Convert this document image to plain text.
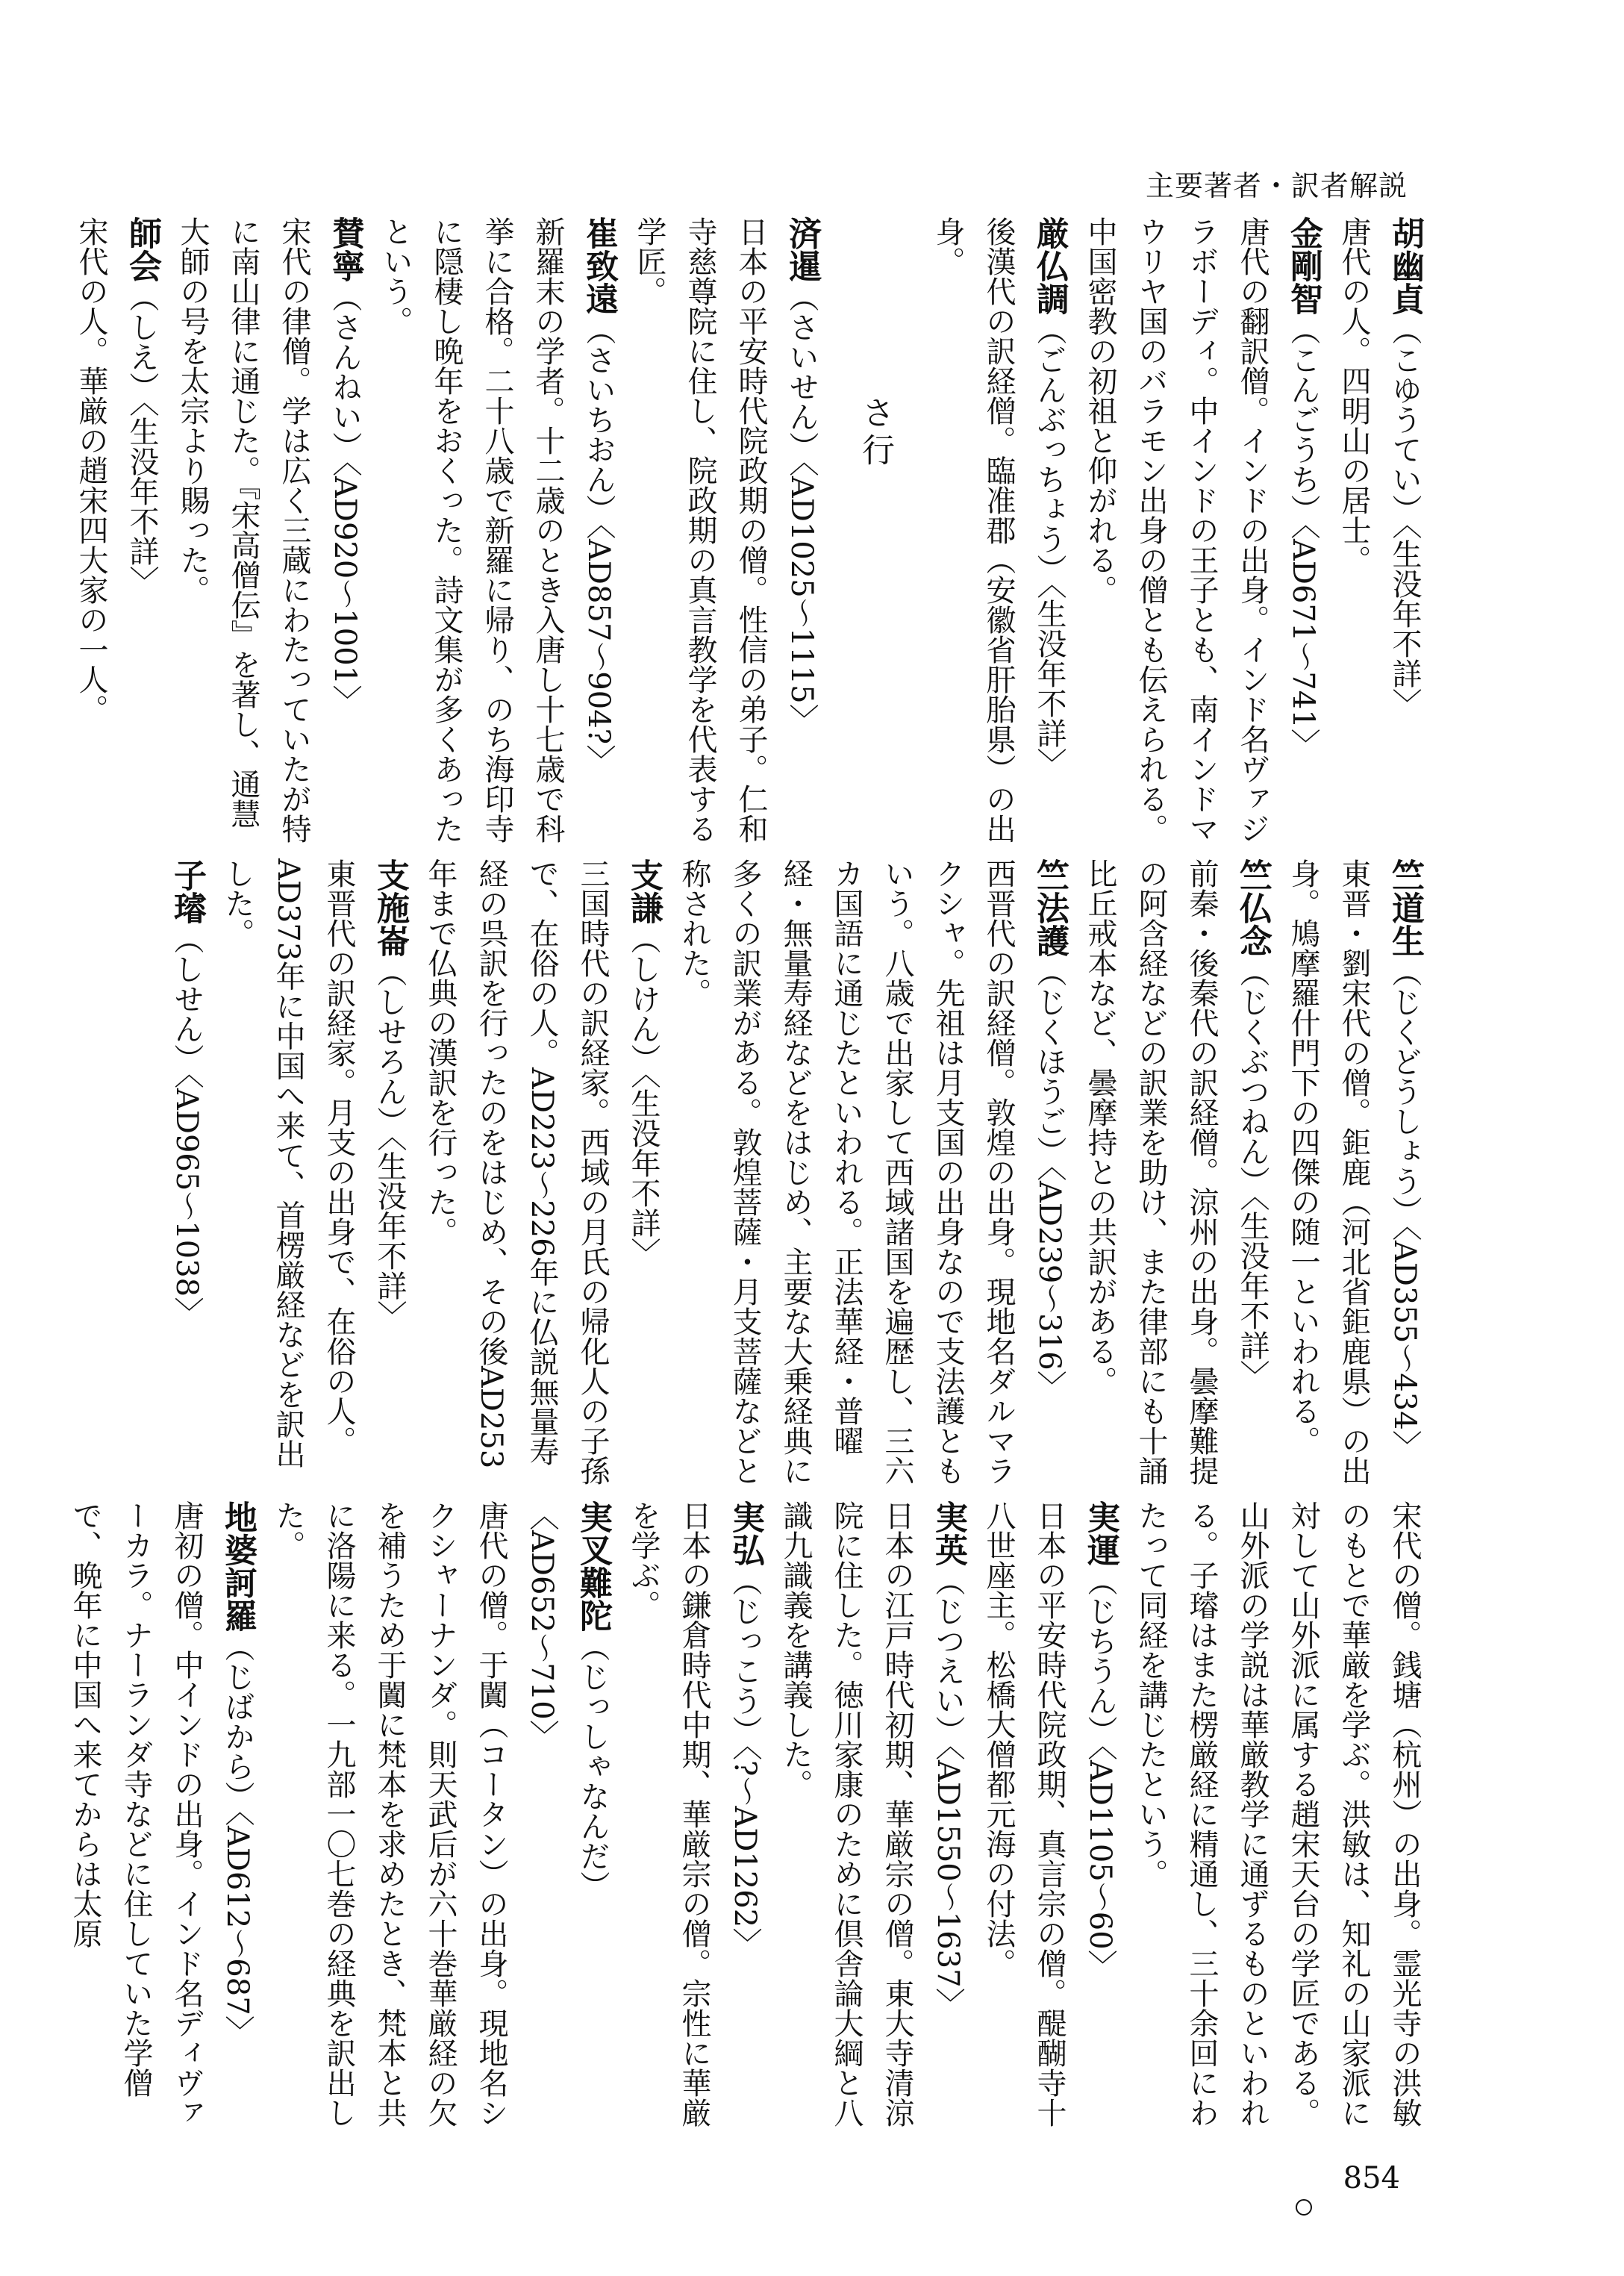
主要著者・訳者解説

胡幽貞（こゆうてい）〈生没年不詳〉

唐代の人。四明山の居士。

金剛智（こんごうち）〈AD671〜741〉

唐代の翻訳僧。インドの出身。インド名ヴァジラボーディ。中インドの王子とも、南インドマウリヤ国のバラモン出身の僧とも伝えられる。中国密教の初祖と仰がれる。

厳仏調（ごんぶっちょう）〈生没年不詳〉

後漢代の訳経僧。臨准郡（安徽省肝胎県）の出身。

さ行

済暹（さいせん）〈AD1025〜1115〉

日本の平安時代院政期の僧。性信の弟子。仁和寺慈尊院に住し、院政期の真言教学を代表する学匠。

崔致遠（さいちおん）〈AD857〜904?〉

新羅末の学者。十二歳のとき入唐し十七歳で科挙に合格。二十八歳で新羅に帰り、のち海印寺に隠棲し晩年をおくった。詩文集が多くあったという。

賛寧（さんねい）〈AD920〜1001〉

宋代の律僧。学は広く三蔵にわたっていたが特に南山律に通じた。『宋高僧伝』を著し、通慧大師の号を太宗より賜った。

師会（しえ）〈生没年不詳〉

宋代の人。華厳の趙宋四大家の一人。

竺道生（じくどうしょう）〈AD355〜434〉

東晋・劉宋代の僧。鉅鹿（河北省鉅鹿県）の出身。鳩摩羅什門下の四傑の随一といわれる。

竺仏念（じくぶつねん）〈生没年不詳〉

前秦・後秦代の訳経僧。涼州の出身。曇摩難提の阿含経などの訳業を助け、また律部にも十誦比丘戒本など、曇摩持との共訳がある。

竺法護（じくほうご）〈AD239〜316〉

西晋代の訳経僧。敦煌の出身。現地名ダルマラクシャ。先祖は月支国の出身なので支法護ともいう。八歳で出家して西域諸国を遍歴し、三六カ国語に通じたといわれる。正法華経・普曜経・無量寿経などをはじめ、主要な大乗経典に多くの訳業がある。敦煌菩薩・月支菩薩などと称された。

支謙（しけん）〈生没年不詳〉

三国時代の訳経家。西域の月氏の帰化人の子孫で、在俗の人。AD223〜226年に仏説無量寿経の呉訳を行ったのをはじめ、その後AD253年まで仏典の漢訳を行った。

支施崙（しせろん）〈生没年不詳〉

東晋代の訳経家。月支の出身で、在俗の人。AD373年に中国へ来て、首楞厳経などを訳出した。

子璿（しせん）〈AD965〜1038〉

宋代の僧。銭塘（杭州）の出身。霊光寺の洪敏のもとで華厳を学ぶ。洪敏は、知礼の山家派に対して山外派に属する趙宋天台の学匠である。山外派の学説は華厳教学に通ずるものといわれる。子璿はまた楞厳経に精通し、三十余回にわたって同経を講じたという。

実運（じちうん）〈AD1105〜60〉

日本の平安時代院政期、真言宗の僧。醍醐寺十八世座主。松橋大僧都元海の付法。

実英（じつえい）〈AD1550〜1637〉

日本の江戸時代初期、華厳宗の僧。東大寺清涼院に住した。徳川家康のために倶舎論大綱と八識九識義を講義した。

実弘（じっこう）〈?〜AD1262〉

日本の鎌倉時代中期、華厳宗の僧。宗性に華厳を学ぶ。

実叉難陀（じっしゃなんだ）〈AD652〜710〉

唐代の僧。于闐（コータン）の出身。現地名シクシャーナンダ。則天武后が六十巻華厳経の欠を補うため于闐に梵本を求めたとき、梵本と共に洛陽に来る。一九部一〇七巻の経典を訳出した。

地婆訶羅（じばから）〈AD612〜687〉

唐初の僧。中インドの出身。インド名ディヴァーカラ。ナーランダ寺などに住していた学僧で、晩年に中国へ来てからは太原

854
